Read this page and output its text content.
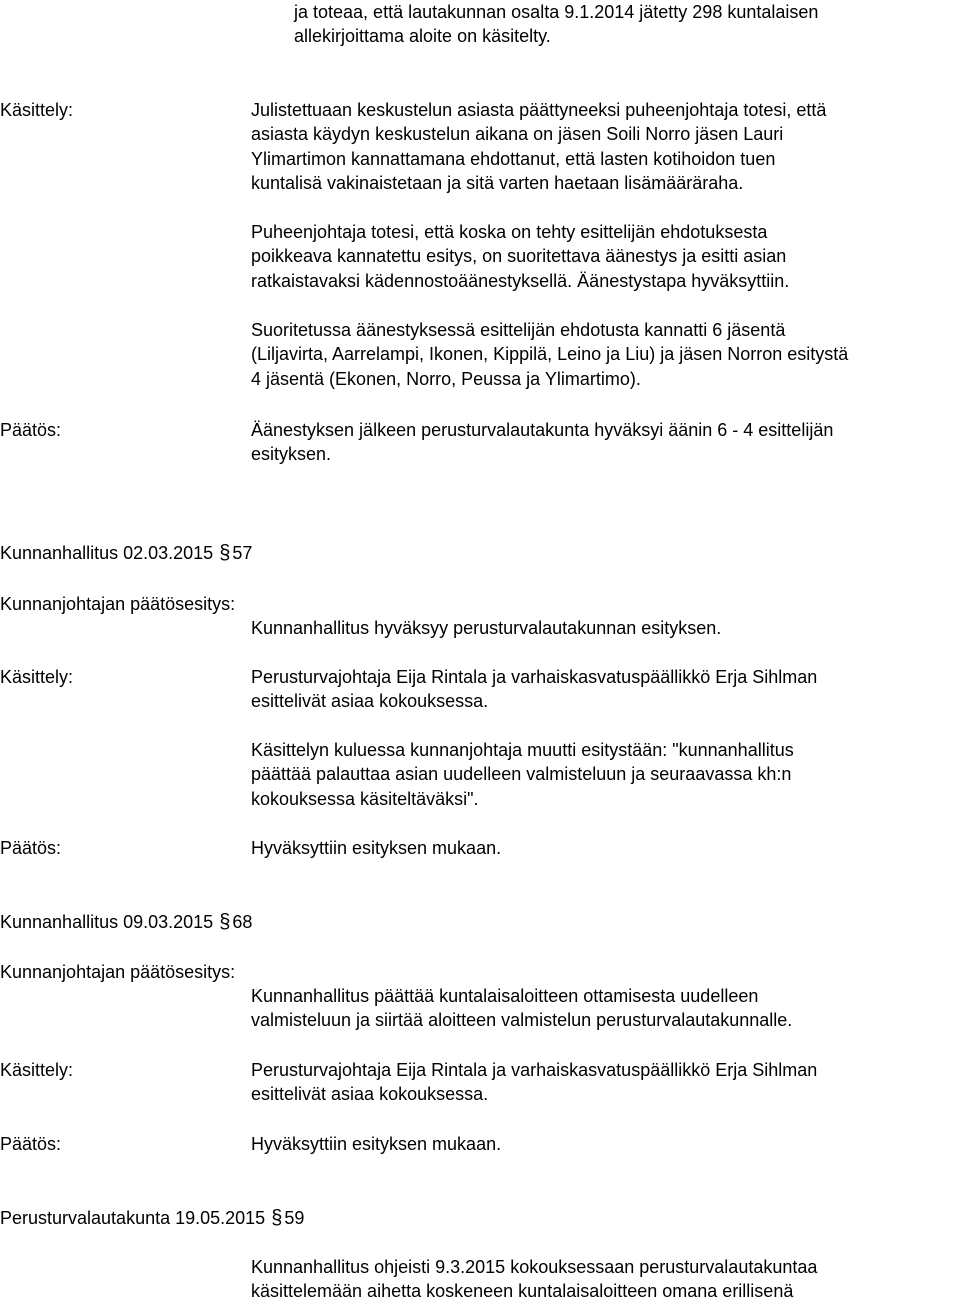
ja toteaa, että lautakunnan osalta 9.1.2014 jätetty 298 kuntalaisen
allekirjoittama aloite on käsitelty.
Käsittely:	Julistettuaan keskustelun asiasta päättyneeksi puheenjohtaja totesi, että
asiasta käydyn keskustelun aikana on jäsen Soili Norro jäsen Lauri
Ylimartimon kannattamana ehdottanut, että lasten kotihoidon tuen
kuntalisä vakinaistetaan ja sitä varten haetaan lisämääräraha.
Puheenjohtaja totesi, että koska on tehty esittelijän ehdotuksesta
poikkeava kannatettu esitys, on suoritettava äänestys ja esitti asian
ratkaistavaksi kädennostoäänestyksellä. Äänestystapa hyväksyttiin.
Suoritetussa äänestyksessä esittelijän ehdotusta kannatti 6 jäsentä
(Liljavirta, Aarrelampi, Ikonen, Kippilä, Leino ja Liu) ja jäsen Norron esitystä
4 jäsentä (Ekonen, Norro, Peussa ja Ylimartimo).
Päätös:	Äänestyksen jälkeen perusturvalautakunta hyväksyi äänin 6 - 4 esittelijän
esityksen.
Kunnanhallitus 02.03.2015 § 57
Kunnanjohtajan päätösesitys:
Kunnanhallitus hyväksyy perusturvalautakunnan esityksen.
Käsittely:	Perusturvajohtaja Eija Rintala ja varhaiskasvatuspäällikkö Erja Sihlman
esittelivät asiaa kokouksessa.
Käsittelyn kuluessa kunnanjohtaja muutti esitystään: "kunnanhallitus
päättää palauttaa asian uudelleen valmisteluun ja seuraavassa kh:n
kokouksessa käsiteltäväksi".
Päätös:	Hyväksyttiin esityksen mukaan.
Kunnanhallitus 09.03.2015 § 68
Kunnanjohtajan päätösesitys:
Kunnanhallitus päättää kuntalaisaloitteen ottamisesta uudelleen
valmisteluun ja siirtää aloitteen valmistelun perusturvalautakunnalle.
Käsittely:	Perusturvajohtaja Eija Rintala ja varhaiskasvatuspäällikkö Erja Sihlman
esittelivät asiaa kokouksessa.
Päätös:	Hyväksyttiin esityksen mukaan.
Perusturvalautakunta 19.05.2015 § 59
Kunnanhallitus ohjeisti 9.3.2015 kokouksessaan perusturvalautakuntaa
käsittelemään aihetta koskeneen kuntalaisaloitteen omana erillisenä
